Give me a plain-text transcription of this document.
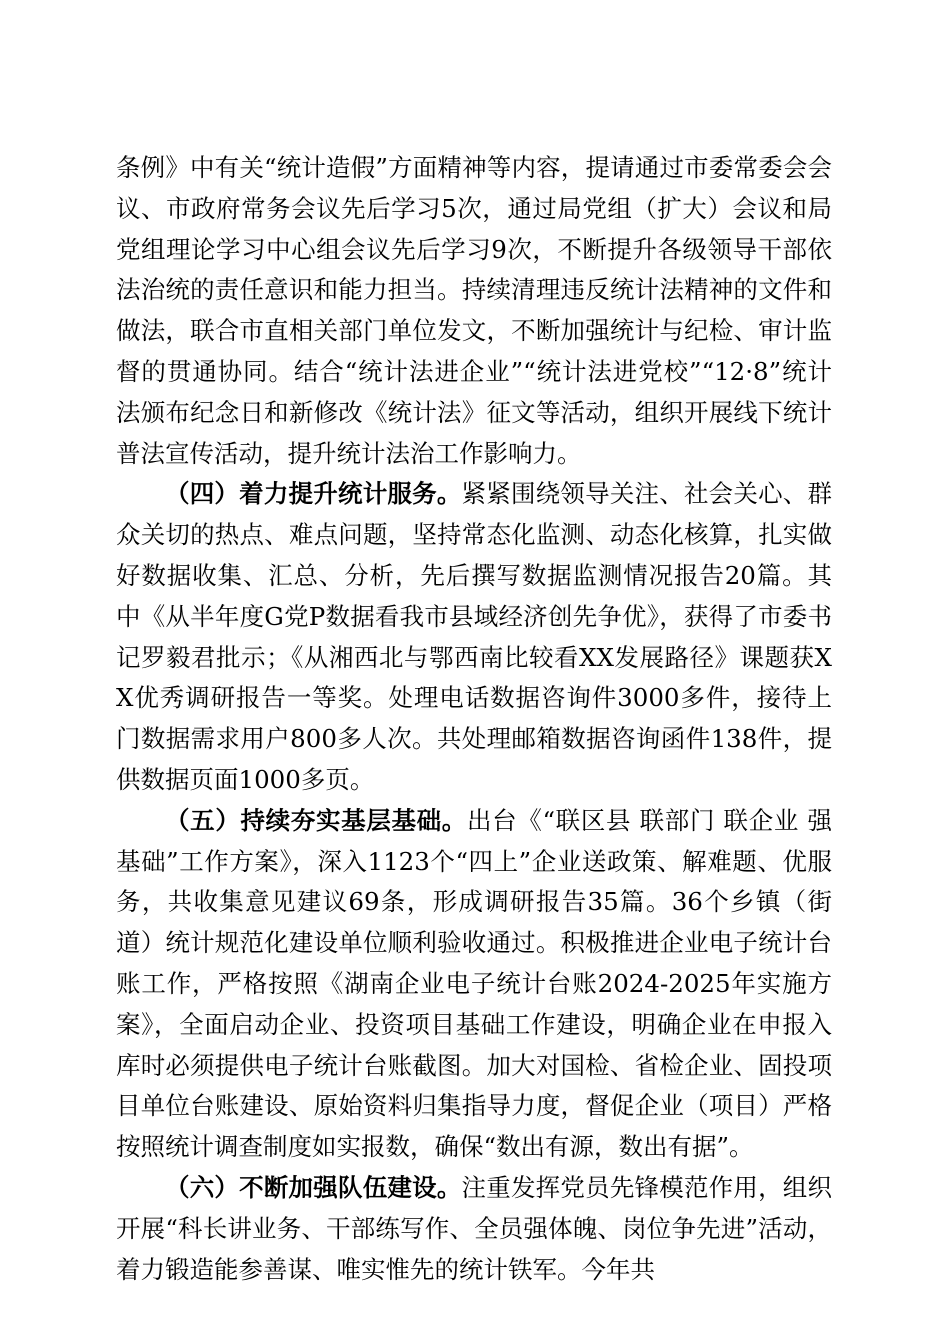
条例》中有关“统计造假”方面精神等内容，提请通过市委常委会会议、市政府常务会议先后学习5次，通过局党组（扩大）会议和局党组理论学习中心组会议先后学习9次，不断提升各级领导干部依法治统的责任意识和能力担当。持续清理违反统计法精神的文件和做法，联合市直相关部门单位发文，不断加强统计与纪检、审计监督的贯通协同。结合“统计法进企业”“统计法进党校”“12·8”统计法颁布纪念日和新修改《统计法》征文等活动，组织开展线下统计普法宣传活动，提升统计法治工作影响力。

（四）着力提升统计服务。紧紧围绕领导关注、社会关心、群众关切的热点、难点问题，坚持常态化监测、动态化核算，扎实做好数据收集、汇总、分析，先后撰写数据监测情况报告20篇。其中《从半年度G党P数据看我市县域经济创先争优》，获得了市委书记罗毅君批示；《从湘西北与鄂西南比较看XX发展路径》课题获XX优秀调研报告一等奖。处理电话数据咨询件3000多件，接待上门数据需求用户800多人次。共处理邮箱数据咨询函件138件，提供数据页面1000多页。

（五）持续夯实基层基础。出台《“联区县 联部门 联企业 强基础”工作方案》，深入1123个“四上”企业送政策、解难题、优服务，共收集意见建议69条，形成调研报告35篇。36个乡镇（街道）统计规范化建设单位顺利验收通过。积极推进企业电子统计台账工作，严格按照《湖南企业电子统计台账2024-2025年实施方案》，全面启动企业、投资项目基础工作建设，明确企业在申报入库时必须提供电子统计台账截图。加大对国检、省检企业、固投项目单位台账建设、原始资料归集指导力度，督促企业（项目）严格按照统计调查制度如实报数，确保“数出有源，数出有据”。

（六）不断加强队伍建设。注重发挥党员先锋模范作用，组织开展“科长讲业务、干部练写作、全员强体魄、岗位争先进”活动，着力锻造能参善谋、唯实惟先的统计铁军。今年共
